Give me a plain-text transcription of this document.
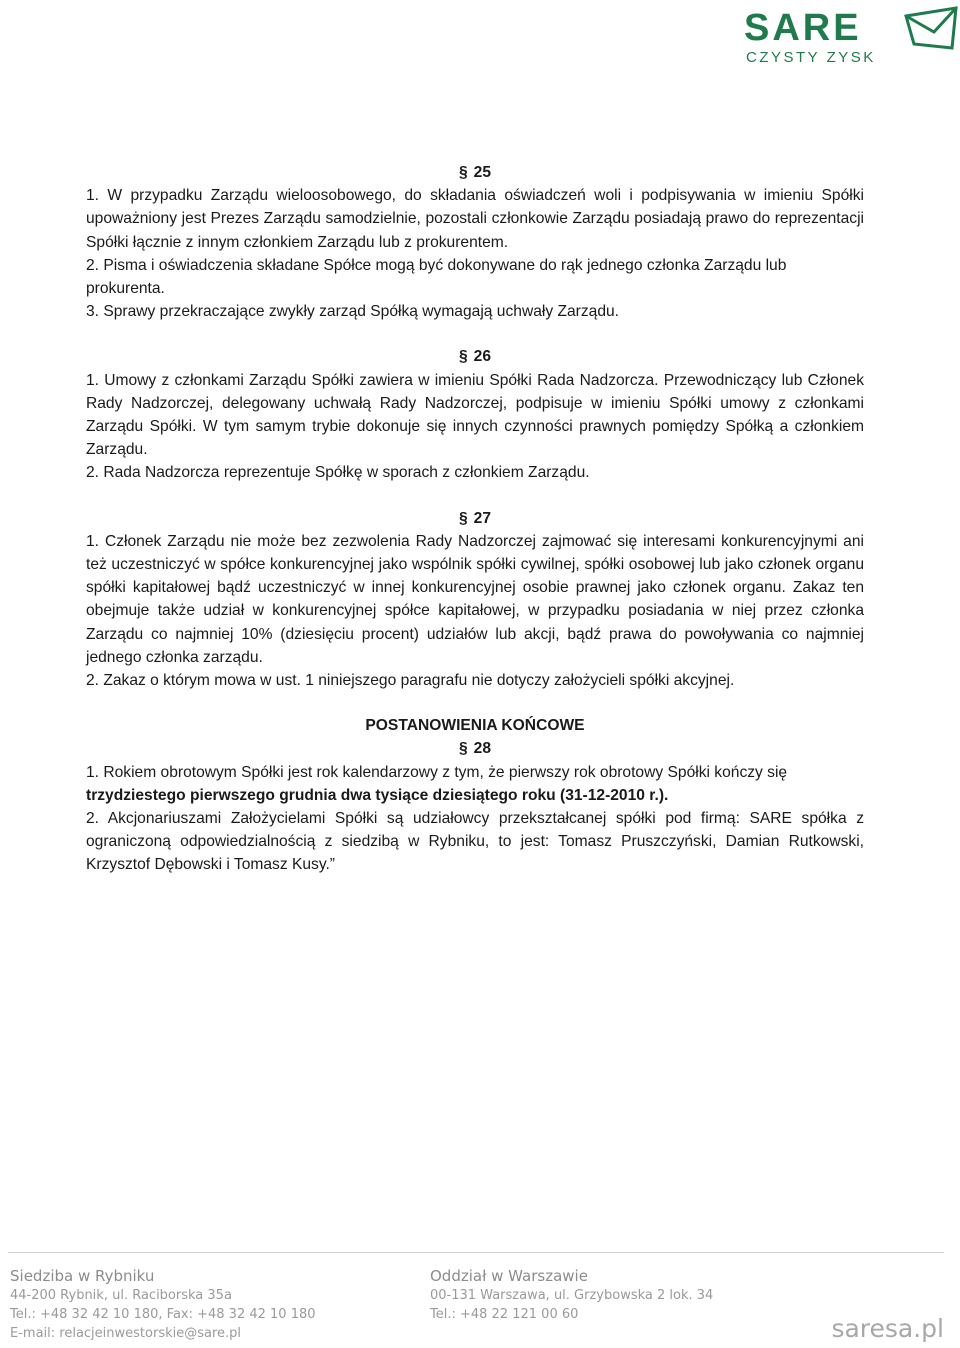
SARE
CZYSTY ZYSK

§ 25

1. W przypadku Zarządu wieloosobowego, do składania oświadczeń woli i podpisywania w imieniu Spółki upoważniony jest Prezes Zarządu samodzielnie, pozostali członkowie Zarządu posiadają prawo do reprezentacji Spółki łącznie z innym członkiem Zarządu lub z prokurentem.

2. Pisma i oświadczenia składane Spółce mogą być dokonywane do rąk jednego członka Zarządu lub prokurenta.

3. Sprawy przekraczające zwykły zarząd Spółką wymagają uchwały Zarządu.

§ 26

1. Umowy z członkami Zarządu Spółki zawiera w imieniu Spółki Rada Nadzorcza. Przewodniczący lub Członek Rady Nadzorczej, delegowany uchwałą Rady Nadzorczej, podpisuje w imieniu Spółki umowy z członkami Zarządu Spółki. W tym samym trybie dokonuje się innych czynności prawnych pomiędzy Spółką a członkiem Zarządu.

2. Rada Nadzorcza reprezentuje Spółkę w sporach z członkiem Zarządu.

§ 27

1. Członek Zarządu nie może bez zezwolenia Rady Nadzorczej zajmować się interesami konkurencyjnymi ani też uczestniczyć w spółce konkurencyjnej jako wspólnik spółki cywilnej, spółki osobowej lub jako członek organu spółki kapitałowej bądź uczestniczyć w innej konkurencyjnej osobie prawnej jako członek organu. Zakaz ten obejmuje także udział w konkurencyjnej spółce kapitałowej, w przypadku posiadania w niej przez członka Zarządu co najmniej 10% (dziesięciu procent) udziałów lub akcji, bądź prawa do powoływania co najmniej jednego członka zarządu.

2. Zakaz o którym mowa w ust. 1 niniejszego paragrafu nie dotyczy założycieli spółki akcyjnej.

POSTANOWIENIA KOŃCOWE

§ 28

1. Rokiem obrotowym Spółki jest rok kalendarzowy z tym, że pierwszy rok obrotowy Spółki kończy się trzydziestego pierwszego grudnia dwa tysiące dziesiątego roku (31-12-2010 r.).

2. Akcjonariuszami Założycielami Spółki są udziałowcy przekształcanej spółki pod firmą: SARE spółka z ograniczoną odpowiedzialnością z siedzibą w Rybniku, to jest: Tomasz Pruszczyński, Damian Rutkowski, Krzysztof Dębowski i Tomasz Kusy.”

Siedziba w Rybniku

44-200 Rybnik, ul. Raciborska 35a

Tel.: +48 32 42 10 180, Fax: +48 32 42 10 180

E-mail: relacjeinwestorskie@sare.pl

Oddział w Warszawie

00-131 Warszawa, ul. Grzybowska 2 lok. 34

Tel.: +48 22 121 00 60	saresa.pl
